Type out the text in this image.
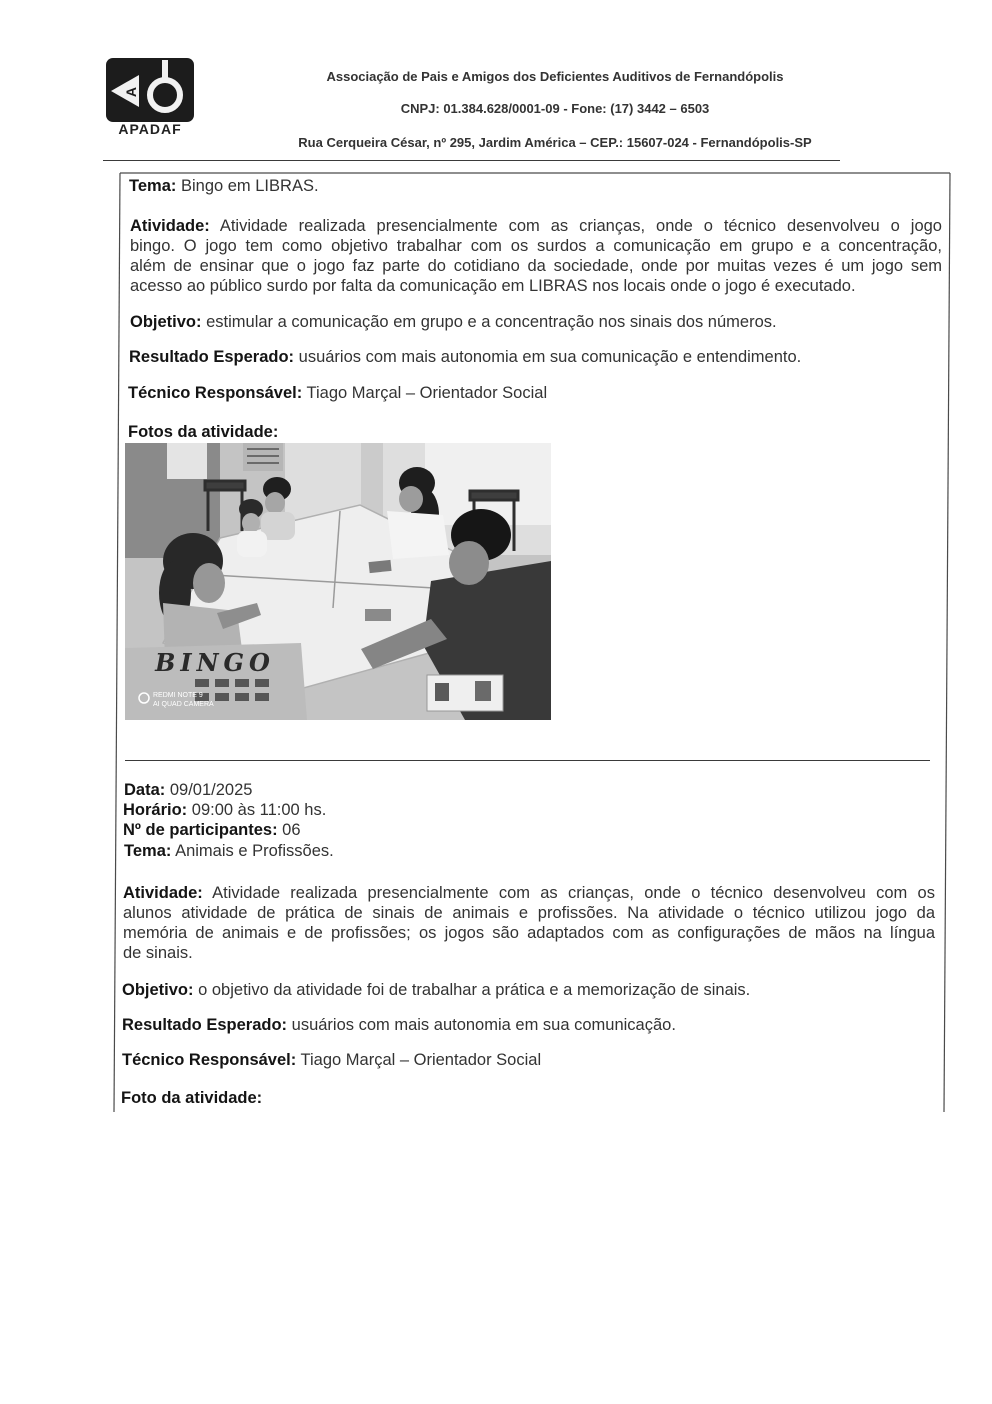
A
APADAF
Associação de Pais e Amigos dos Deficientes Auditivos de Fernandópolis
CNPJ: 01.384.628/0001-09 - Fone: (17) 3442 – 6503
Rua Cerqueira César, nº 295, Jardim América – CEP.: 15607-024 - Fernandópolis-SP
Tema: Bingo em LIBRAS.
Atividade: Atividade realizada presencialmente com as crianças, onde o técnico desenvolveu o jogo
bingo. O jogo tem como objetivo trabalhar com os surdos a comunicação em grupo e a concentração,
além de ensinar que o jogo faz parte do cotidiano da sociedade, onde por muitas vezes é um jogo sem
acesso ao público surdo por falta da comunicação em LIBRAS nos locais onde o jogo é executado.
Objetivo: estimular a comunicação em grupo e a concentração nos sinais dos números.
Resultado Esperado: usuários com mais autonomia em sua comunicação e entendimento.
Técnico Responsável: Tiago Marçal – Orientador Social
Fotos da atividade:
BINGO
REDMI NOTE 9
AI QUAD CAMERA
Data: 09/01/2025
Horário: 09:00 às 11:00 hs.
Nº de participantes: 06
Tema: Animais e Profissões.
Atividade: Atividade realizada presencialmente com as crianças, onde o técnico desenvolveu com os
alunos atividade de prática de sinais de animais e profissões. Na atividade o técnico utilizou jogo da
memória de animais e de profissões; os jogos são adaptados com as configurações de mãos na língua
de sinais.
Objetivo: o objetivo da atividade foi de trabalhar a prática e a memorização de sinais.
Resultado Esperado: usuários com mais autonomia em sua comunicação.
Técnico Responsável: Tiago Marçal – Orientador Social
Foto da atividade:
